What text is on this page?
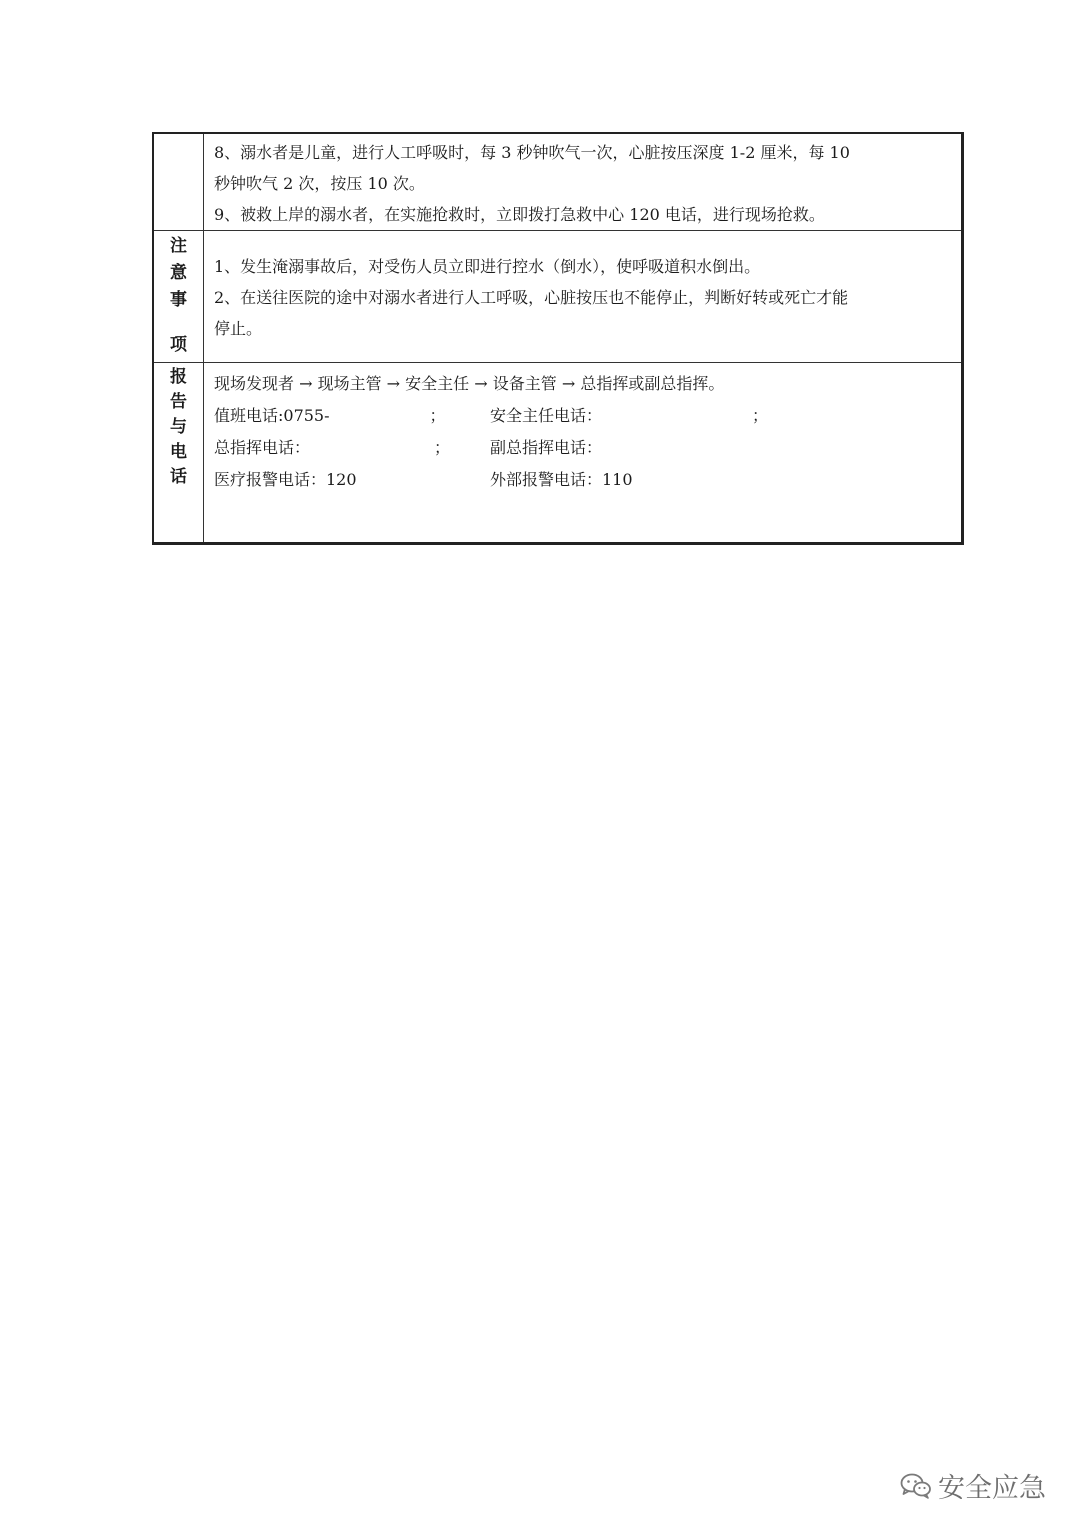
8、溺水者是儿童，进行人工呼吸时，每 3 秒钟吹气一次，心脏按压深度 1-2 厘米，每 10
秒钟吹气 2 次，按压 10 次。
9、被救上岸的溺水者，在实施抢救时，立即拨打急救中心 120 电话，进行现场抢救。
注
意
事
项
1、发生淹溺事故后，对受伤人员立即进行控水（倒水），使呼吸道积水倒出。
2、在送往医院的途中对溺水者进行人工呼吸，心脏按压也不能停止，判断好转或死亡才能
停止。
报
告
与
电
话
现场发现者 → 现场主管 → 安全主任 → 设备主管 → 总指挥或副总指挥。
值班电话:0755-	；	安全主任电话：	；
总指挥电话：	；	副总指挥电话：
医疗报警电话：120	外部报警电话：110
安全应急
